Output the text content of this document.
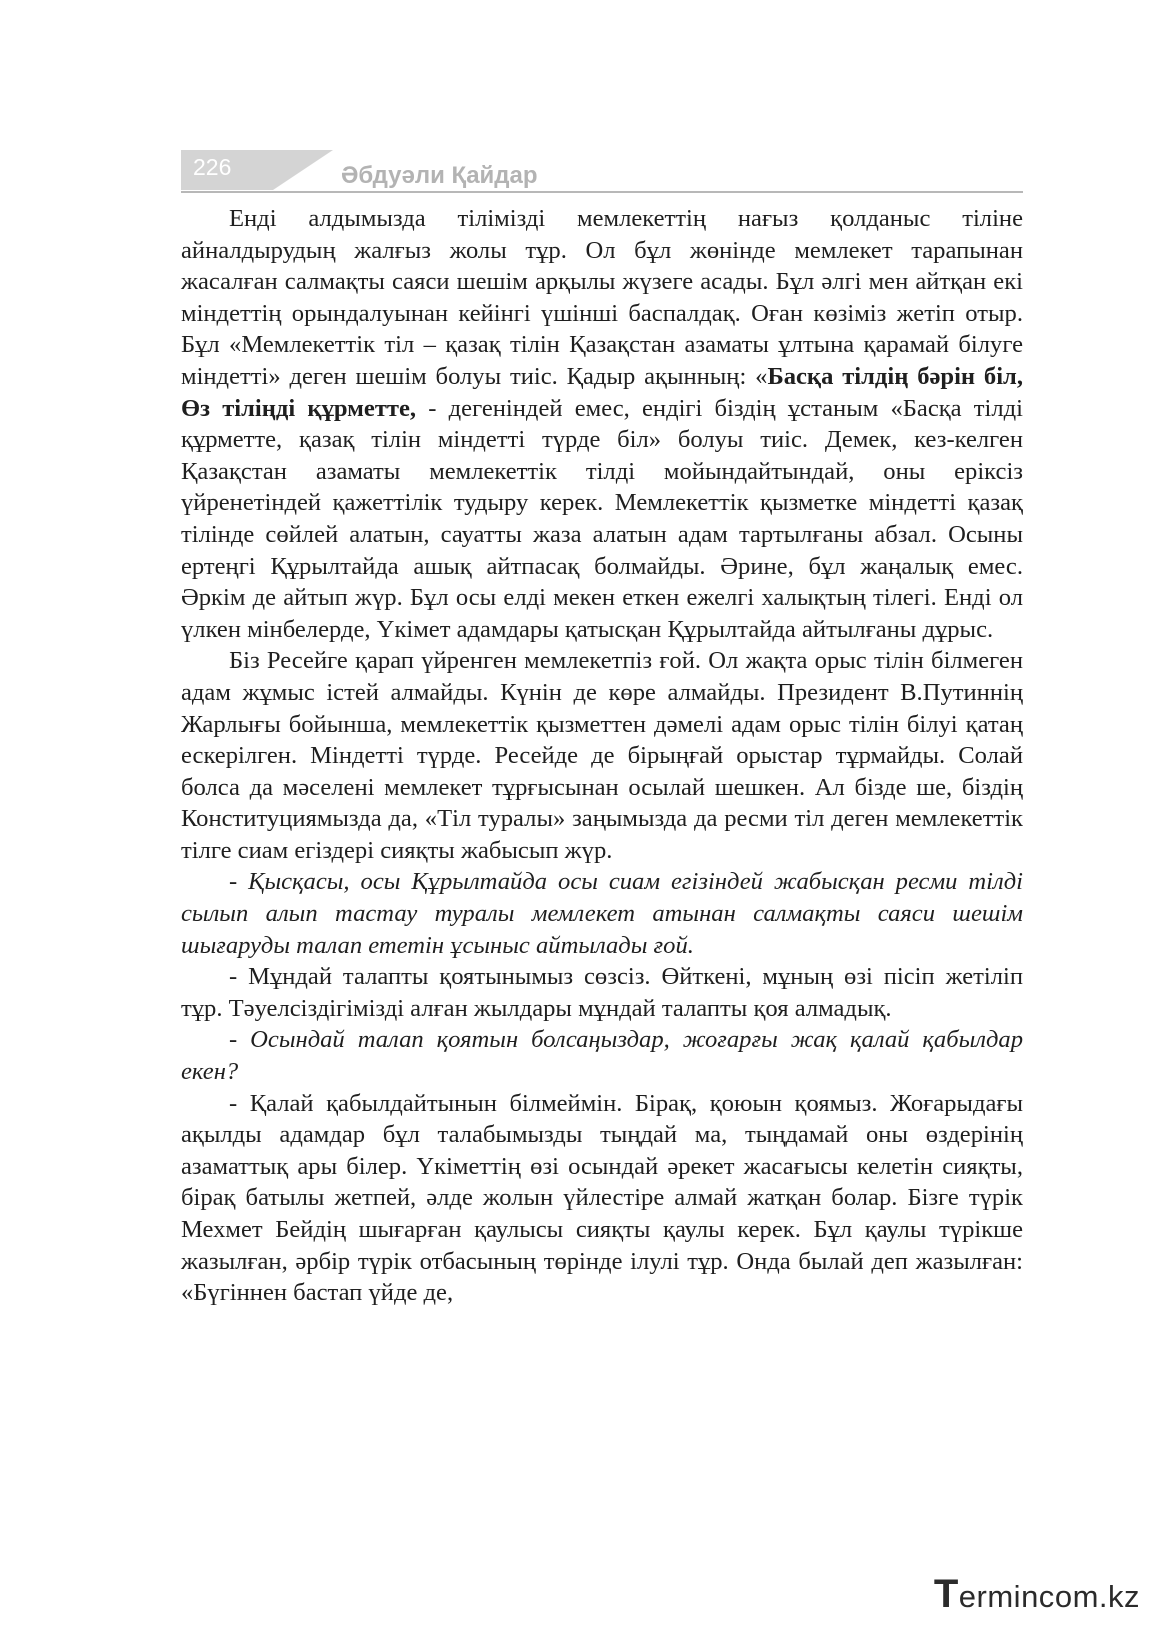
226	Әбдуәли Қайдар

Енді алдымызда тілімізді мемлекеттің нағыз қолданыс тіліне айналдырудың жалғыз жолы тұр. Ол бұл жөнінде мемлекет тарапынан жасалған салмақты саяси шешім арқылы жүзеге асады. Бұл әлгі мен айтқан екі міндеттің орындалуынан кейінгі үшінші баспалдақ. Оған көзіміз жетіп отыр. Бұл «Мемлекеттік тіл – қазақ тілін Қазақстан азаматы ұлтына қарамай білуге міндетті» деген шешім болуы тиіс. Қадыр ақынның: «Басқа тілдің бәрін біл, Өз тіліңді құрметте, - дегеніндей емес, ендігі біздің ұстаным «Басқа тілді құрметте, қазақ тілін міндетті түрде біл» болуы тиіс. Демек, кез-келген Қазақстан азаматы мемлекеттік тілді мойындайтындай, оны еріксіз үйренетіндей қажеттілік тудыру керек. Мемлекеттік қызметке міндетті қазақ тілінде сөйлей алатын, сауатты жаза алатын адам тартылғаны абзал. Осыны ертеңгі Құрылтайда ашық айтпасақ болмайды. Әрине, бұл жаңалық емес. Әркім де айтып жүр. Бұл осы елді мекен еткен ежелгі халықтың тілегі. Енді ол үлкен мінбелерде, Үкімет адамдары қатысқан Құрылтайда айтылғаны дұрыс.

Біз Ресейге қарап үйренген мемлекетпіз ғой. Ол жақта орыс тілін білмеген адам жұмыс істей алмайды. Күнін де көре алмайды. Президент В.Путиннің Жарлығы бойынша, мемлекеттік қызметтен дәмелі адам орыс тілін білуі қатаң ескерілген. Міндетті түрде. Ресейде де бірыңғай орыстар тұрмайды. Солай болса да мәселені мемлекет тұрғысынан осылай шешкен. Ал бізде ше, біздің Конституциямызда да, «Тіл туралы» заңымызда да ресми тіл деген мемлекеттік тілге сиам егіздері сияқты жабысып жүр.

- Қысқасы, осы Құрылтайда осы сиам егізіндей жабысқан ресми тілді сылып алып тастау туралы мемлекет атынан салмақты саяси шешім шығаруды талап ететін ұсыныс айтылады ғой.

- Мұндай талапты қоятынымыз сөзсіз. Өйткені, мұның өзі пісіп жетіліп тұр. Тәуелсіздігімізді алған жылдары мұндай талапты қоя алмадық.

- Осындай талап қоятын болсаңыздар, жоғарғы жақ қалай қабылдар екен?

- Қалай қабылдайтынын білмеймін. Бірақ, қоюын қоямыз. Жоғарыдағы ақылды адамдар бұл талабымызды тыңдай ма, тыңдамай оны өздерінің азаматтық ары білер. Үкіметтің өзі осындай әрекет жасағысы келетін сияқты, бірақ батылы жетпей, әлде жолын үйлестіре алмай жатқан болар. Бізге түрік Мехмет Бейдің шығарған қаулысы сияқты қаулы керек. Бұл қаулы түрікше жазылған, әрбір түрік отбасының төрінде ілулі тұр. Онда былай деп жазылған: «Бүгіннен бастап үйде де,

Termincom.kz
